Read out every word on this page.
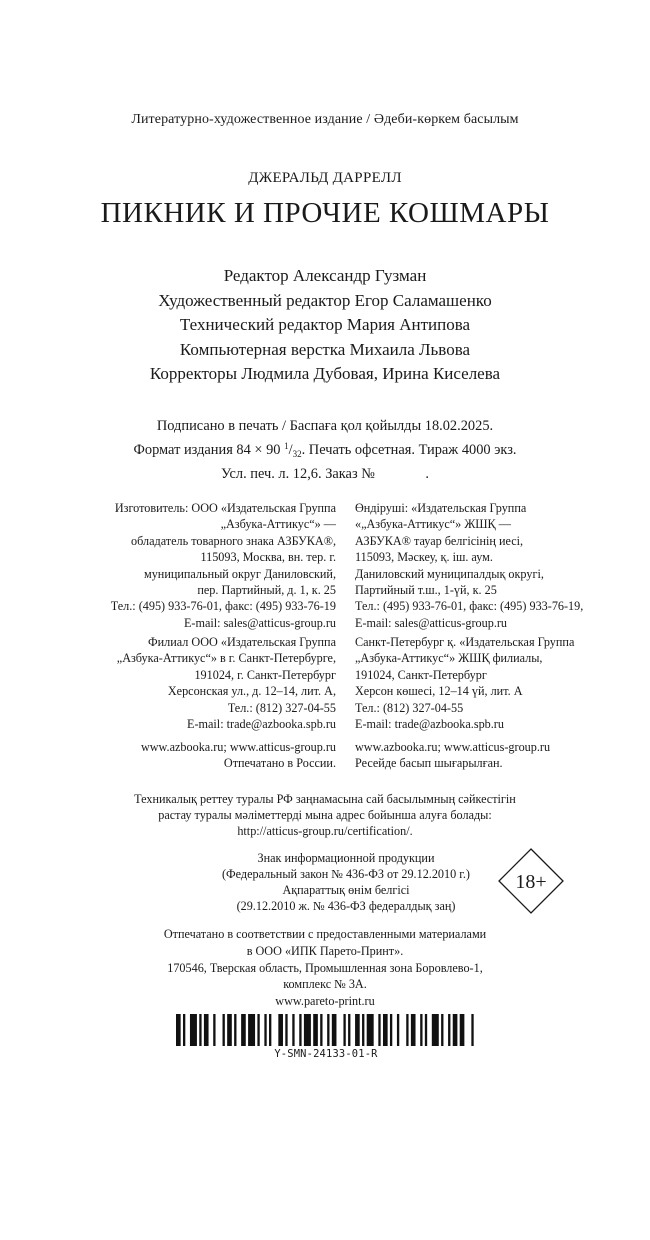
Литературно-художественное издание / Әдеби-көркем басылым
ДЖЕРАЛЬД ДАРРЕЛЛ
ПИКНИК И ПРОЧИЕ КОШМАРЫ
Редактор Александр Гузман
Художественный редактор Егор Саламашенко
Технический редактор Мария Антипова
Компьютерная верстка Михаила Львова
Корректоры Людмила Дубовая, Ирина Киселева
Подписано в печать / Баспаға қол қойылды 18.02.2025.
Формат издания 84 × 90 $^1/_{32}$. Печать офсетная. Тираж 4000 экз.
Усл. печ. л. 12,6. Заказ №              .
Изготовитель: ООО «Издательская Группа
„Азбука-Аттикус“» —
обладатель товарного знака АЗБУКА®,
115093, Москва, вн. тер. г.
муниципальный округ Даниловский,
пер. Партийный, д. 1, к. 25
Тел.: (495) 933-76-01, факс: (495) 933-76-19
E-mail: sales@atticus-group.ru
Өндіруші: «Издательская Группа
«„Азбука-Аттикус“» ЖШҚ —
АЗБУКА® тауар белгісінің иесі,
115093, Мәскеу, қ. іш. аум.
Даниловский муниципалдық округі,
Партийный т.ш., 1-үй, к. 25
Тел.: (495) 933-76-01, факс: (495) 933-76-19,
E-mail: sales@atticus-group.ru
Филиал ООО «Издательская Группа
„Азбука-Аттикус“» в г. Санкт-Петербурге,
191024, г. Санкт-Петербург
Херсонская ул., д. 12–14, лит. А,
Тел.: (812) 327-04-55
E-mail: trade@azbooka.spb.ru
Санкт-Петербург қ. «Издательская Группа
„Азбука-Аттикус“» ЖШҚ филиалы,
191024, Санкт-Петербург
Херсон көшесі, 12–14 үй, лит. А
Тел.: (812) 327-04-55
E-mail: trade@azbooka.spb.ru
www.azbooka.ru; www.atticus-group.ru
Отпечатано в России.
www.azbooka.ru; www.atticus-group.ru
Ресейде басып шығарылған.
Техникалық реттеу туралы РФ заңнамасына сай басылымның сәйкестігін
растау туралы мәліметтерді мына адрес бойынша алуға болады:
http://atticus-group.ru/certification/.
Знак информационной продукции
(Федеральный закон № 436-ФЗ от 29.12.2010 г.)
Ақпараттық өнім белгісі
(29.12.2010 ж. № 436-ФЗ федералдық заң)
18+
Отпечатано в соответствии с предоставленными материалами
в ООО «ИПК Парето-Принт».
170546, Тверская область, Промышленная зона Боровлево-1,
комплекс № 3А.
www.pareto-print.ru
Y-SMN-24133-01-R
